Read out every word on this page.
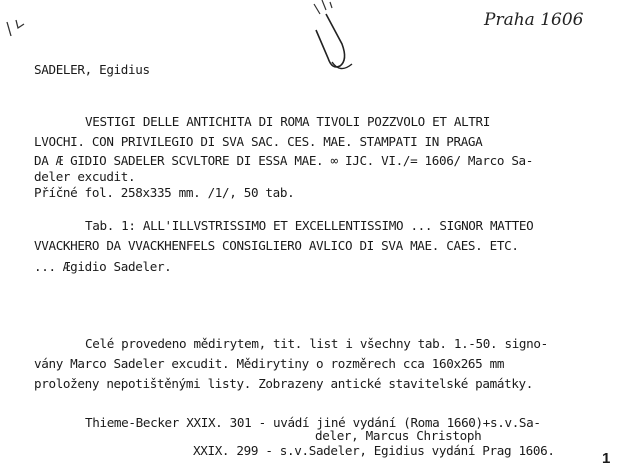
Praha 1606
SADELER, Egidius
VESTIGI DELLE ANTICHITA DI ROMA TIVOLI POZZVOLO ET ALTRI
LVOCHI. CON PRIVILEGIO DI SVA SAC. CES. MAE. STAMPATI IN PRAGA
DA Æ GIDIO SADELER SCVLTORE DI ESSA MAE. ∞ IJC. VI./= 1606/ Marco Sa-
deler excudit.
Příčné fol. 258x335 mm. /1/, 50 tab.
Tab. 1: ALL'ILLVSTRISSIMO ET EXCELLENTISSIMO ... SIGNOR MATTEO
VVACKHERO DA VVACKHENFELS CONSIGLIERO AVLICO DI SVA MAE. CAES. ETC.
... Ægidio Sadeler.
Celé provedeno mědirytem, tit. list i všechny tab. 1.-50. signo-
vány Marco Sadeler excudit. Mědirytiny o rozměrech cca 160x265 mm
proloženy nepotištěnými listy. Zobrazeny antické stavitelské památky.
Thieme-Becker XXIX. 301 - uvádí jiné vydání (Roma 1660)+s.v.Sa-
deler, Marcus Christoph
XXIX. 299 - s.v.Sadeler, Egidius vydání Prag 1606.	1
